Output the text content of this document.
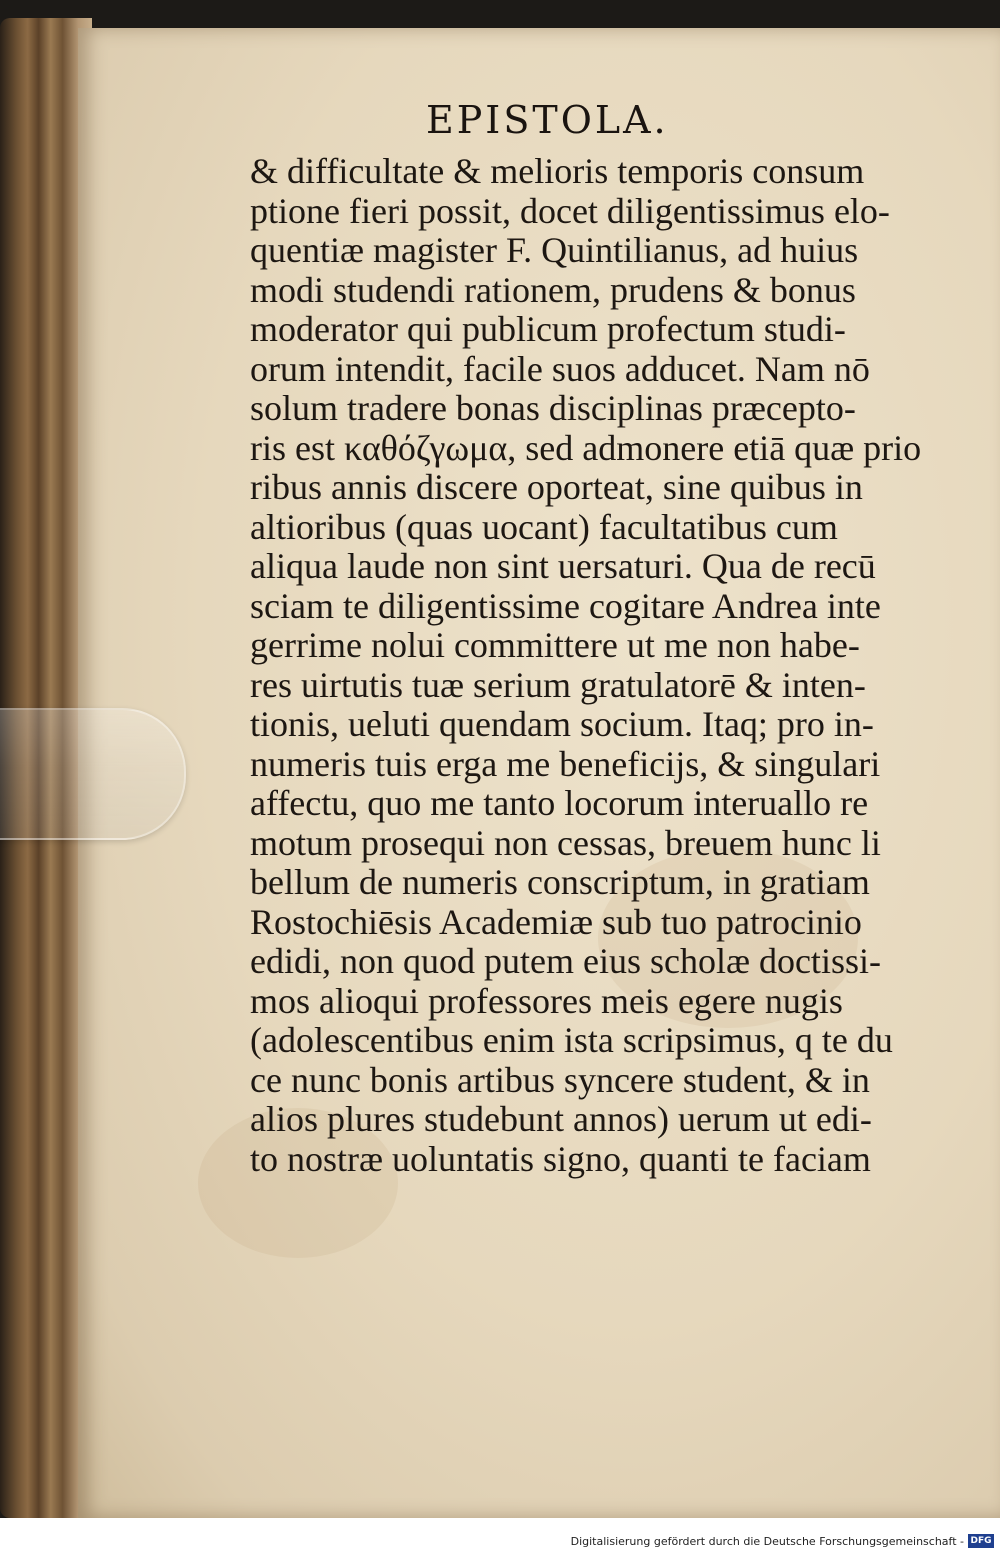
EPISTOLA.
& difficultate & melioris temporis consum
ptione fieri possit, docet diligentissimus elo-
quentiæ magister F. Quintilianus, ad huius
modi studendi rationem, prudens & bonus
moderator qui publicum profectum studi-
orum intendit, facile suos adducet. Nam nō
solum tradere bonas disciplinas præcepto-
ris est καθόζγωμα, sed admonere etiā quæ prio
ribus annis discere oporteat, sine quibus in
altioribus (quas uocant) facultatibus cum
aliqua laude non sint uersaturi. Qua de recū
sciam te diligentissime cogitare Andrea inte
gerrime nolui committere ut me non habe-
res uirtutis tuæ serium gratulatorē & inten-
tionis, ueluti quendam socium. Itaq; pro in-
numeris tuis erga me beneficijs, & singulari
affectu, quo me tanto locorum interuallo re
motum prosequi non cessas, breuem hunc li
bellum de numeris conscriptum, in gratiam
Rostochiēsis Academiæ sub tuo patrocinio
edidi, non quod putem eius scholæ doctissi-
mos alioqui professores meis egere nugis
(adolescentibus enim ista scripsimus, q te du
ce nunc bonis artibus syncere student, & in
alios plures studebunt annos) uerum ut edi-
to nostræ uoluntatis signo, quanti te faciam
Digitalisierung gefördert durch die Deutsche Forschungsgemeinschaft - DFG
